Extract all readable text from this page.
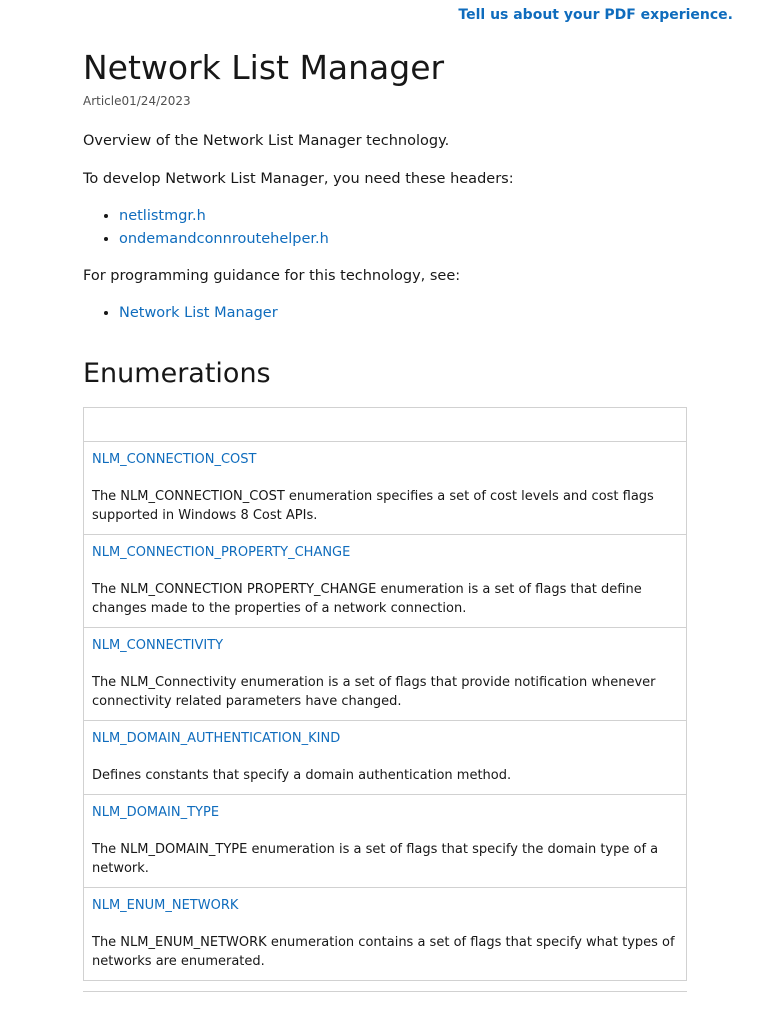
Tell us about your PDF experience.
Network List Manager
Article01/24/2023

Overview of the Network List Manager technology.

To develop Network List Manager, you need these headers:

• netlistmgr.h
• ondemandconnroutehelper.h

For programming guidance for this technology, see:

• Network List Manager
Enumerations

NLM_CONNECTION_COST
The NLM_CONNECTION_COST enumeration specifies a set of cost levels and cost flags supported in Windows 8 Cost APIs.

NLM_CONNECTION_PROPERTY_CHANGE
The NLM_CONNECTION PROPERTY_CHANGE enumeration is a set of flags that define changes made to the properties of a network connection.

NLM_CONNECTIVITY
The NLM_Connectivity enumeration is a set of flags that provide notification whenever connectivity related parameters have changed.

NLM_DOMAIN_AUTHENTICATION_KIND
Defines constants that specify a domain authentication method.

NLM_DOMAIN_TYPE
The NLM_DOMAIN_TYPE enumeration is a set of flags that specify the domain type of a network.

NLM_ENUM_NETWORK
The NLM_ENUM_NETWORK enumeration contains a set of flags that specify what types of networks are enumerated.
